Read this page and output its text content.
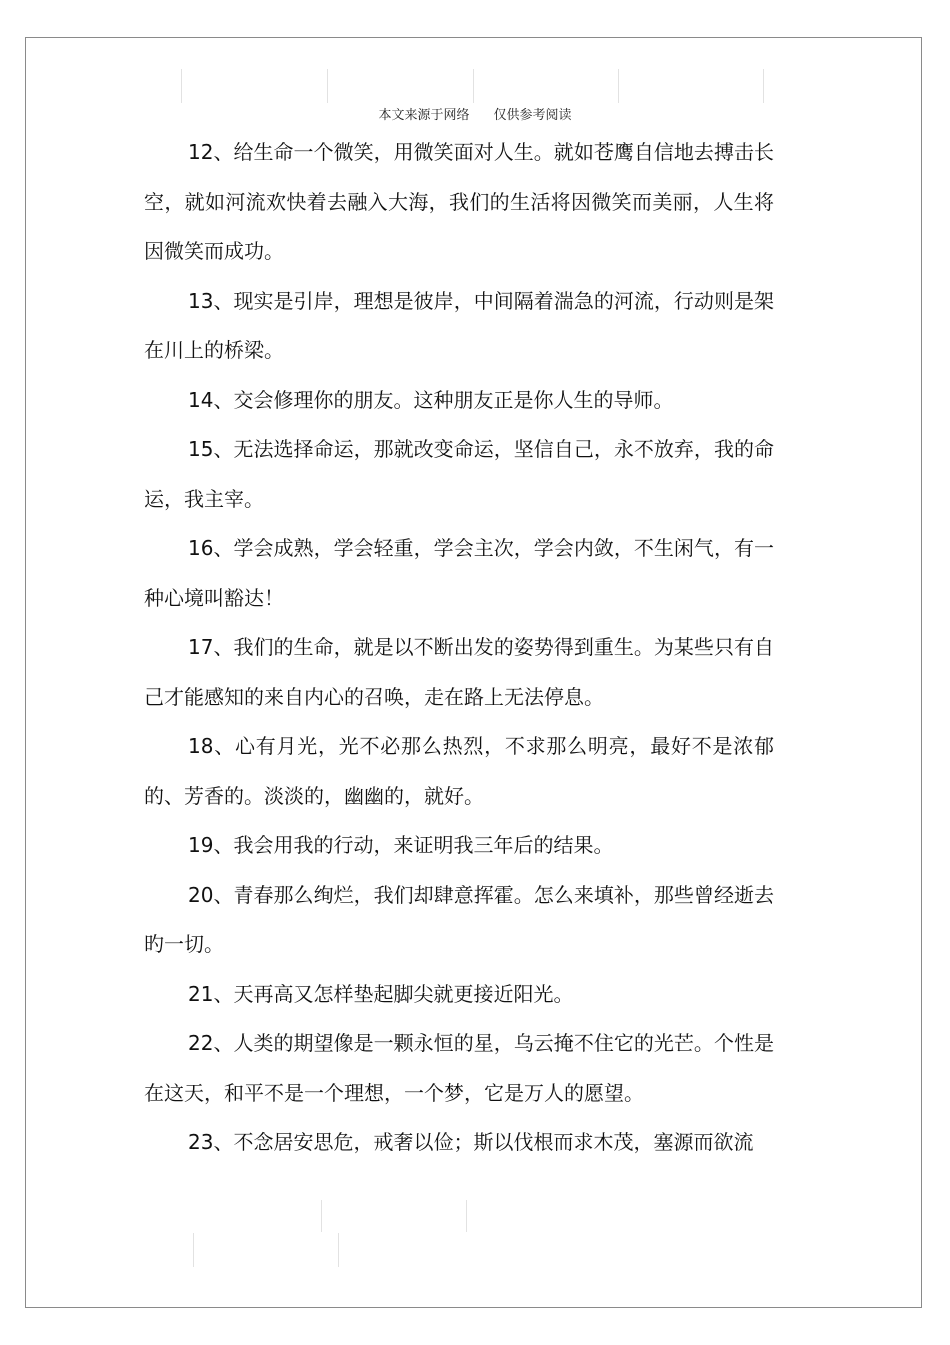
本文来源于网络 仅供参考阅读

12、给生命一个微笑，用微笑面对人生。就如苍鹰自信地去搏击长空，就如河流欢快着去融入大海，我们的生活将因微笑而美丽，人生将因微笑而成功。

13、现实是引岸，理想是彼岸，中间隔着湍急的河流，行动则是架在川上的桥梁。

14、交会修理你的朋友。这种朋友正是你人生的导师。

15、无法选择命运，那就改变命运，坚信自己，永不放弃，我的命运，我主宰。

16、学会成熟，学会轻重，学会主次，学会内敛，不生闲气，有一种心境叫豁达！

17、我们的生命，就是以不断出发的姿势得到重生。为某些只有自己才能感知的来自内心的召唤，走在路上无法停息。

18、心有月光，光不必那么热烈，不求那么明亮，最好不是浓郁的、芳香的。淡淡的，幽幽的，就好。

19、我会用我的行动，来证明我三年后的结果。

20、青春那么绚烂，我们却肆意挥霍。怎么来填补，那些曾经逝去旳一切。

21、天再高又怎样垫起脚尖就更接近阳光。

22、人类的期望像是一颗永恒的星，乌云掩不住它的光芒。个性是在这天，和平不是一个理想，一个梦，它是万人的愿望。

23、不念居安思危，戒奢以俭；斯以伐根而求木茂，塞源而欲流
